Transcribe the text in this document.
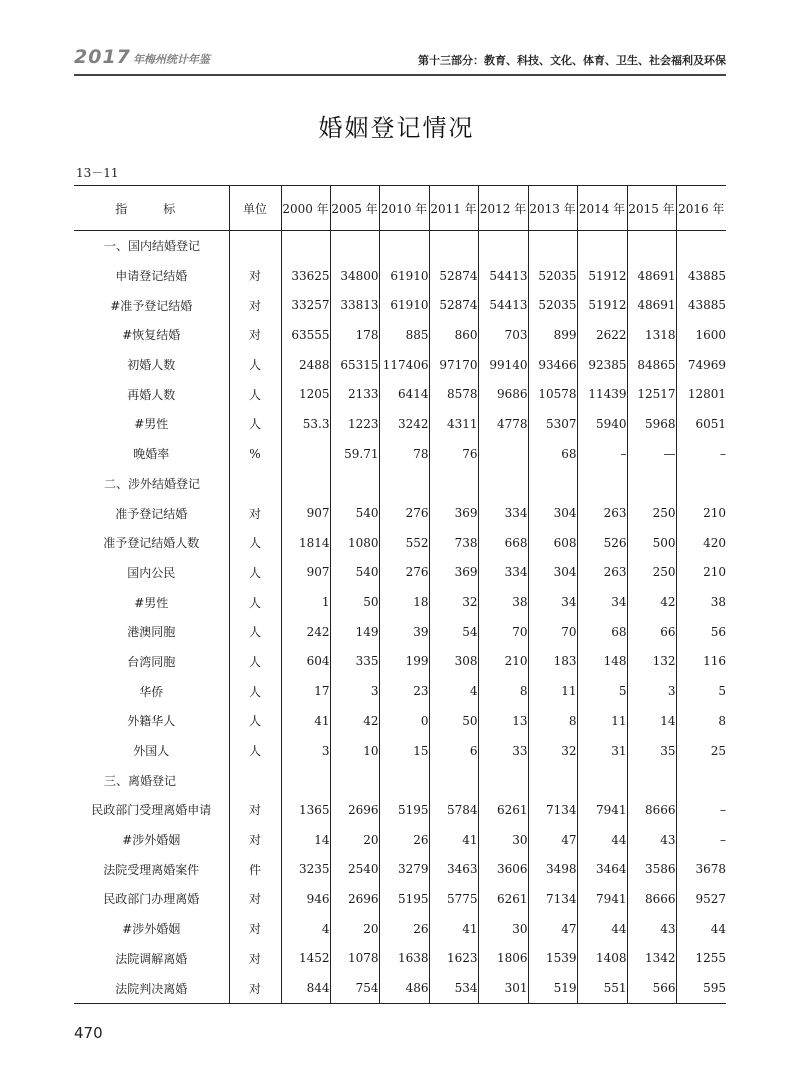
2017 年梅州统计年鉴	第十三部分：教育、科技、文化、体育、卫生、社会福利及环保
婚姻登记情况
13－11
指　标	单位	2000 年	2005 年	2010 年	2011 年	2012 年	2013 年	2014 年	2015 年	2016 年
一、国内结婚登记										
申请登记结婚	对	33625	34800	61910	52874	54413	52035	51912	48691	43885
#准予登记结婚	对	33257	33813	61910	52874	54413	52035	51912	48691	43885
#恢复结婚	对	63555	178	885	860	703	899	2622	1318	1600
初婚人数	人	2488	65315	117406	97170	99140	93466	92385	84865	74969
再婚人数	人	1205	2133	6414	8578	9686	10578	11439	12517	12801
#男性	人	53.3	1223	3242	4311	4778	5307	5940	5968	6051
晚婚率	%		59.71	78	76		68	–	—	–
二、涉外结婚登记										
准予登记结婚	对	907	540	276	369	334	304	263	250	210
准予登记结婚人数	人	1814	1080	552	738	668	608	526	500	420
国内公民	人	907	540	276	369	334	304	263	250	210
#男性	人	1	50	18	32	38	34	34	42	38
港澳同胞	人	242	149	39	54	70	70	68	66	56
台湾同胞	人	604	335	199	308	210	183	148	132	116
华侨	人	17	3	23	4	8	11	5	3	5
外籍华人	人	41	42	0	50	13	8	11	14	8
外国人	人	3	10	15	6	33	32	31	35	25
三、离婚登记										
民政部门受理离婚申请	对	1365	2696	5195	5784	6261	7134	7941	8666	–
#涉外婚姻	对	14	20	26	41	30	47	44	43	–
法院受理离婚案件	件	3235	2540	3279	3463	3606	3498	3464	3586	3678
民政部门办理离婚	对	946	2696	5195	5775	6261	7134	7941	8666	9527
#涉外婚姻	对	4	20	26	41	30	47	44	43	44
法院调解离婚	对	1452	1078	1638	1623	1806	1539	1408	1342	1255
法院判决离婚	对	844	754	486	534	301	519	551	566	595
470
